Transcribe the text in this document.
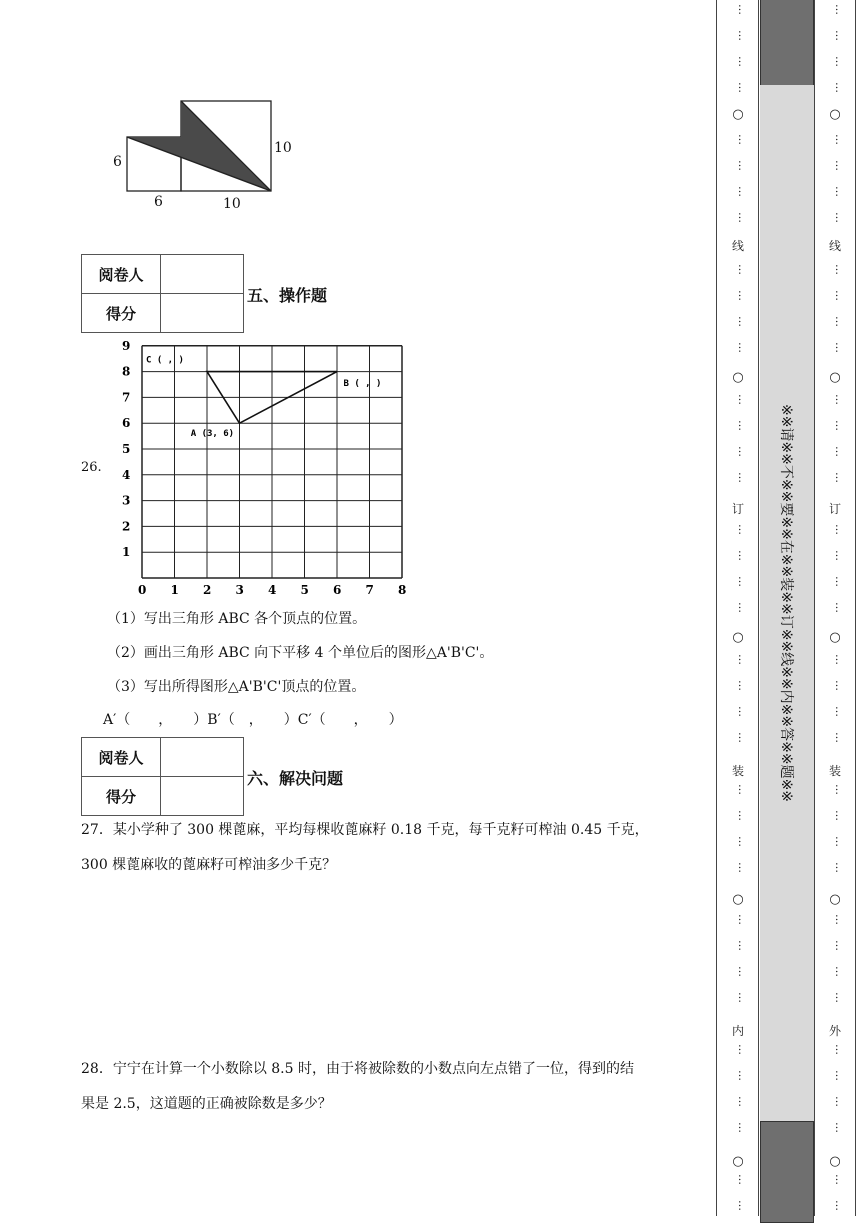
6
10
6	10
阅卷人	
得分	
五、操作题
26.
0 1 2 3 4 5 6 7 8
1
2
3
4
5
6
7
8
9
C ( , )
B ( , )
A (3, 6)
（1）写出三角形 ABC 各个顶点的位置。
（2）画出三角形 ABC 向下平移 4 个单位后的图形△A'B'C'。
（3）写出所得图形△A'B'C'顶点的位置。
A′（　　，　　）B′（　，　　）C′（　　，　　）
阅卷人	
得分	
六、解决问题
27．某小学种了 300 棵蓖麻，平均每棵收蓖麻籽 0.18 千克，每千克籽可榨油 0.45 千克，
300 棵蓖麻收的蓖麻籽可榨油多少千克？
28．宁宁在计算一个小数除以 8.5 时，由于将被除数的小数点向左点错了一位，得到的结
果是 2.5，这道题的正确被除数是多少？
※※请※※不※※要※※在※※装※※订※※线※※内※※答※※题※※
…
…
…
…
○
…
…
…
…
线
…
…
…
…
○
…
…
…
…
订
…
…
…
…
○
…
…
…
…
装
…
…
…
…
○
…
…
…
…
内
…
…
…
…
○
…
…
…
…
…
…
○
…
…
…
…
线
…
…
…
…
○
…
…
…
…
订
…
…
…
…
○
…
…
…
…
装
…
…
…
…
○
…
…
…
…
外
…
…
…
…
○
…
…
